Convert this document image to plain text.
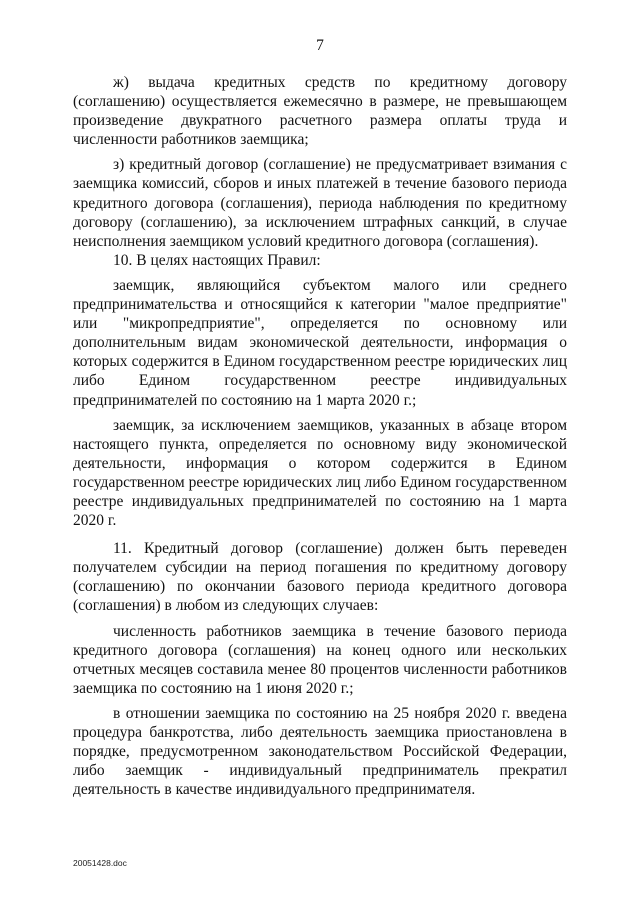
7

ж) выдача кредитных средств по кредитному договору (соглашению) осуществляется ежемесячно в размере, не превышающем произведение двукратного расчетного размера оплаты труда и численности работников заемщика;

з) кредитный договор (соглашение) не предусматривает взимания с заемщика комиссий, сборов и иных платежей в течение базового периода кредитного договора (соглашения), периода наблюдения по кредитному договору (соглашению), за исключением штрафных санкций, в случае неисполнения заемщиком условий кредитного договора (соглашения).

10. В целях настоящих Правил:

заемщик, являющийся субъектом малого или среднего предпринимательства и относящийся к категории "малое предприятие" или "микропредприятие", определяется по основному или дополнительным видам экономической деятельности, информация о которых содержится в Едином государственном реестре юридических лиц либо Едином государственном реестре индивидуальных предпринимателей по состоянию на 1 марта 2020 г.;

заемщик, за исключением заемщиков, указанных в абзаце втором настоящего пункта, определяется по основному виду экономической деятельности, информация о котором содержится в Едином государственном реестре юридических лиц либо Едином государственном реестре индивидуальных предпринимателей по состоянию на 1 марта 2020 г.

11. Кредитный договор (соглашение) должен быть переведен получателем субсидии на период погашения по кредитному договору (соглашению) по окончании базового периода кредитного договора (соглашения) в любом из следующих случаев:

численность работников заемщика в течение базового периода кредитного договора (соглашения) на конец одного или нескольких отчетных месяцев составила менее 80 процентов численности работников заемщика по состоянию на 1 июня 2020 г.;

в отношении заемщика по состоянию на 25 ноября 2020 г. введена процедура банкротства, либо деятельность заемщика приостановлена в порядке, предусмотренном законодательством Российской Федерации, либо заемщик - индивидуальный предприниматель прекратил деятельность в качестве индивидуального предпринимателя.

20051428.doc
